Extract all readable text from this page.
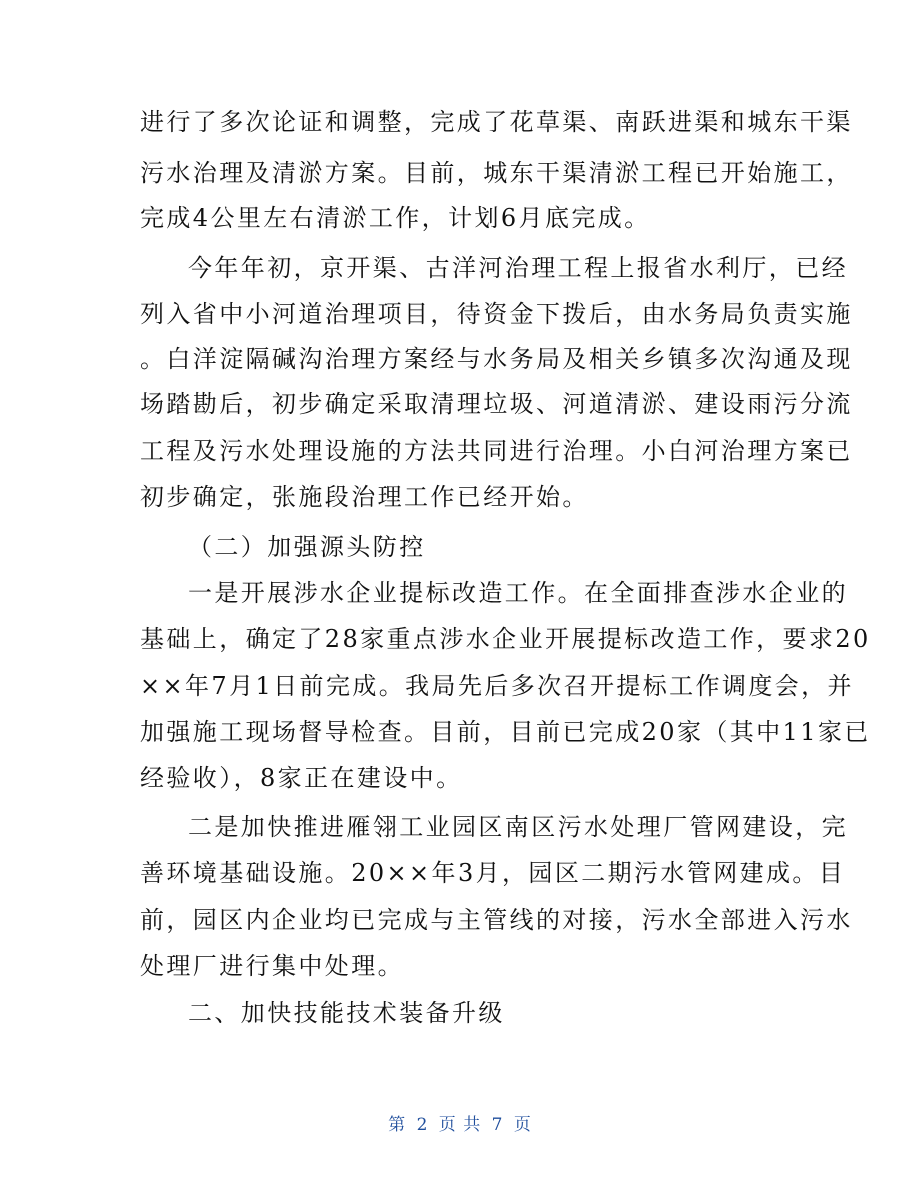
进行了多次论证和调整，完成了花草渠、南跃进渠和城东干渠
污水治理及清淤方案。目前，城东干渠清淤工程已开始施工，
完成4公里左右清淤工作，计划6月底完成。
今年年初，京开渠、古洋河治理工程上报省水利厅，已经
列入省中小河道治理项目，待资金下拨后，由水务局负责实施
。白洋淀隔碱沟治理方案经与水务局及相关乡镇多次沟通及现
场踏勘后，初步确定采取清理垃圾、河道清淤、建设雨污分流
工程及污水处理设施的方法共同进行治理。小白河治理方案已
初步确定，张施段治理工作已经开始。
（二）加强源头防控
一是开展涉水企业提标改造工作。在全面排查涉水企业的
基础上，确定了28家重点涉水企业开展提标改造工作，要求20
××年7月1日前完成。我局先后多次召开提标工作调度会，并
加强施工现场督导检查。目前，目前已完成20家（其中11家已
经验收），8家正在建设中。
二是加快推进雁翎工业园区南区污水处理厂管网建设，完
善环境基础设施。20××年3月，园区二期污水管网建成。目
前，园区内企业均已完成与主管线的对接，污水全部进入污水
处理厂进行集中处理。
二、加快技能技术装备升级
第 2 页 共 7 页
